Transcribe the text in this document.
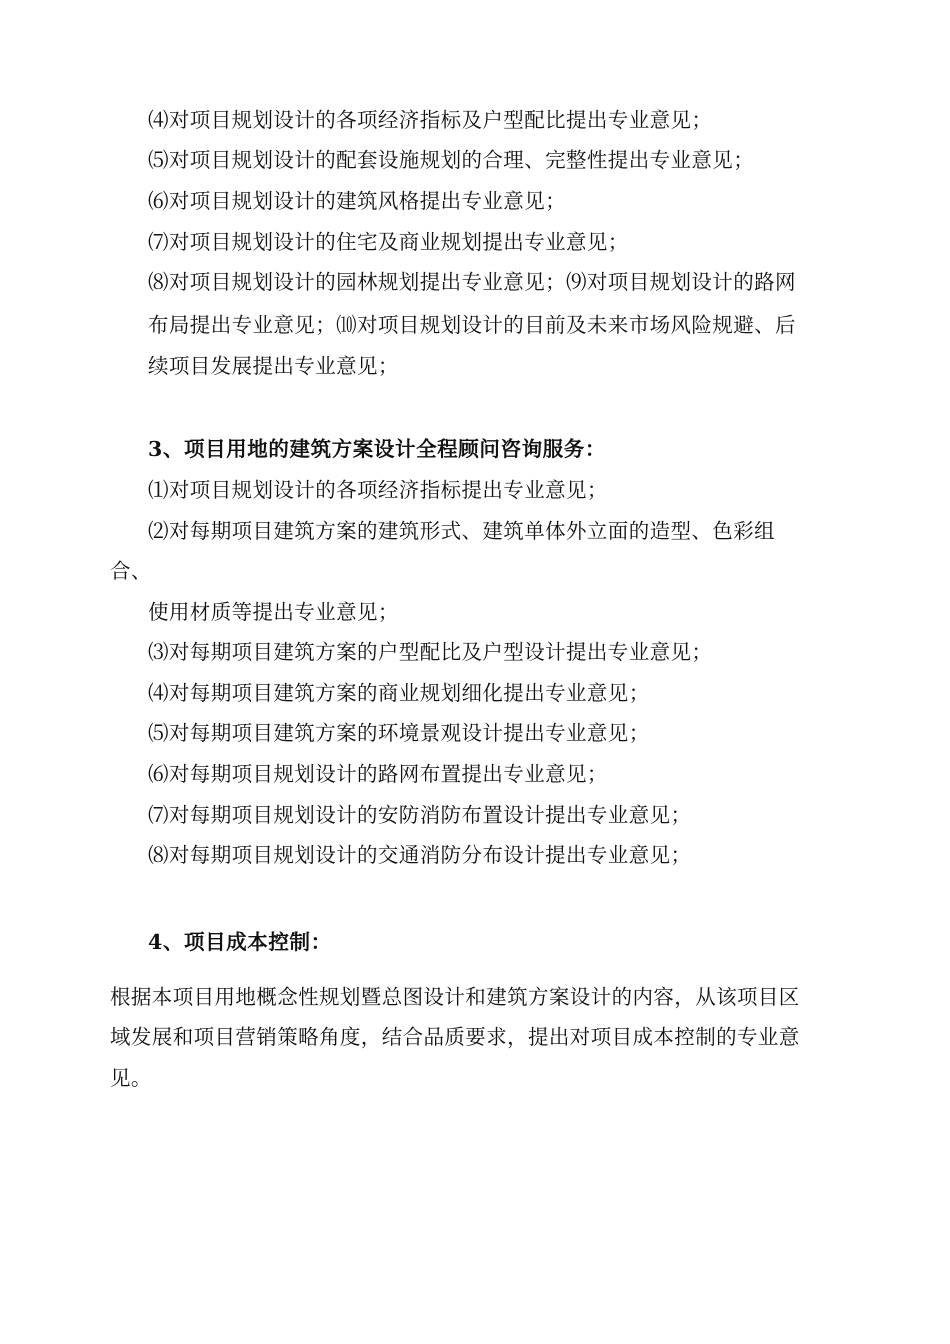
⑷对项目规划设计的各项经济指标及户型配比提出专业意见；
⑸对项目规划设计的配套设施规划的合理、完整性提出专业意见；
⑹对项目规划设计的建筑风格提出专业意见；
⑺对项目规划设计的住宅及商业规划提出专业意见；
⑻对项目规划设计的园林规划提出专业意见；⑼对项目规划设计的路网
布局提出专业意见；⑽对项目规划设计的目前及未来市场风险规避、后
续项目发展提出专业意见；
3、项目用地的建筑方案设计全程顾问咨询服务：
⑴对项目规划设计的各项经济指标提出专业意见；
⑵对每期项目建筑方案的建筑形式、建筑单体外立面的造型、色彩组
合、
使用材质等提出专业意见；
⑶对每期项目建筑方案的户型配比及户型设计提出专业意见；
⑷对每期项目建筑方案的商业规划细化提出专业意见；
⑸对每期项目建筑方案的环境景观设计提出专业意见；
⑹对每期项目规划设计的路网布置提出专业意见；
⑺对每期项目规划设计的安防消防布置设计提出专业意见；
⑻对每期项目规划设计的交通消防分布设计提出专业意见；
4、项目成本控制：
根据本项目用地概念性规划暨总图设计和建筑方案设计的内容，从该项目区
域发展和项目营销策略角度，结合品质要求，提出对项目成本控制的专业意
见。
